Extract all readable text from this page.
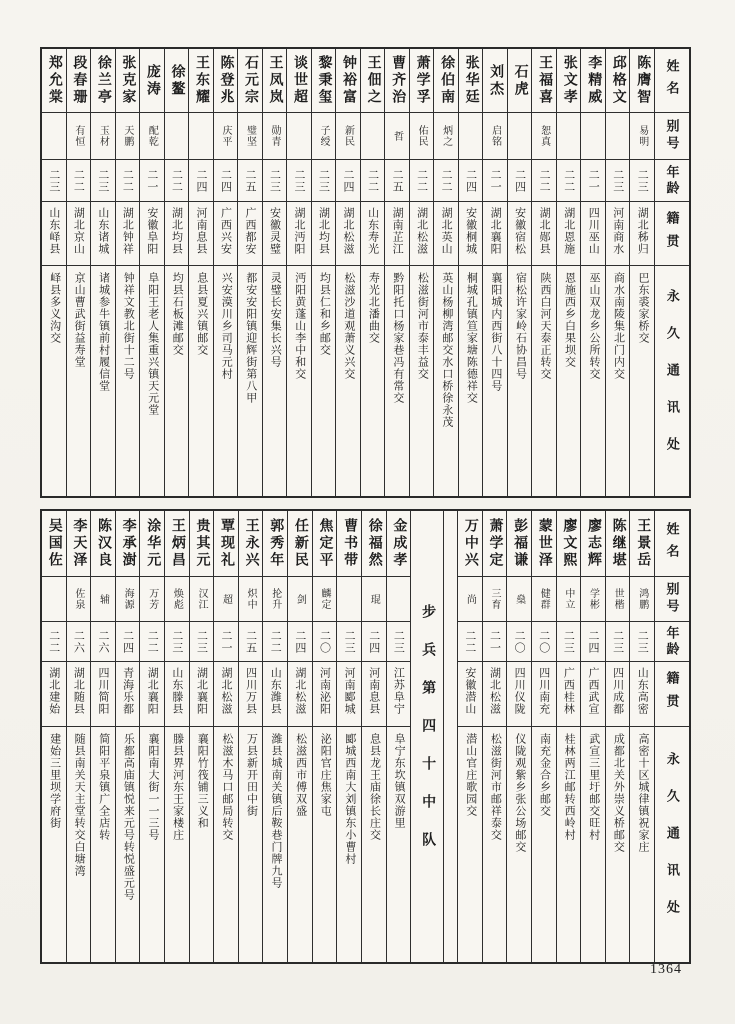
姓名
别号
年龄
籍贯
永久通讯处
陈膺智
易明
二三
湖北秭归
巴东裘家桥交
邱格文
二三
河南商水
商水南陵集北门内交
李精威
二一
四川巫山
巫山双龙乡公所转交
张文孝
二二
湖北恩施
恩施西乡白果坝交
王福喜
恕真
二二
湖北郧县
陕西白河天泰正转交
石虎
二四
安徽宿松
宿松许家岭石协昌号
刘杰
启铭
二一
湖北襄阳
襄阳城内西街八十四号
张华廷
二四
安徽桐城
桐城孔镇笪家塘陈德祥交
徐伯南
炳之
二二
湖北英山
英山杨柳湾邮交水口桥徐永茂
萧学孚
佑民
二二
湖北松滋
松滋街河市泰丰益交
曹齐治
哲
二五
湖南芷江
黔阳托口杨家巷冯有常交
王佃之
二二
山东寿光
寿光北潘曲交
钟裕富
新民
二四
湖北松滋
松滋沙道观萧义兴交
黎秉玺
子绶
二三
湖北均县
均县仁和乡邮交
谈世超
二三
湖北沔阳
沔阳黄蓬山李中和交
王凤岚
勋青
二三
安徽灵璧
灵璧长安集长兴号
石元宗
璧坚
二五
广西都安
都安安阳镇迎辉街第八甲
陈登兆
庆平
二四
广西兴安
兴安漠川乡司马元村
王东耀
二四
河南息县
息县夏兴镇邮交
徐鳌
二二
湖北均县
均县石板滩邮交
庞涛
配乾
二一
安徽阜阳
阜阳王老人集重兴镇天元堂
张克家
天鹏
二二
湖北钟祥
钟祥文教北街十二号
徐兰亭
玉材
二三
山东诸城
诸城参牛镇前村履信堂
段春珊
有恒
二二
湖北京山
京山曹武街益寿堂
郑允棠
二三
山东峄县
峄县多义沟交
姓名
别号
年龄
籍贯
永久通讯处
王景岳
鸿鹏
二三
山东高密
高密十区城律镇祝家庄
陈继堪
世楷
二三
四川成都
成都北关外崇义桥邮交
廖志辉
学彬
二四
广西武宣
武宣三里圩邮交旺村
廖文熙
中立
二三
广西桂林
桂林两江邮转西岭村
蒙世泽
健群
二〇
四川南充
南充金合乡邮交
彭福谦
燊
二〇
四川仪陇
仪陇观紫乡张公场邮交
萧学定
三育
二一
湖北松滋
松滋街河市邮祥泰交
万中兴
尚
二二
安徽潜山
潜山官庄歌园交
步兵第四十中队
金成孝
二三
江苏阜宁
阜宁东坎镇双游里
徐福然
琨
二四
河南息县
息县龙王庙徐长庄交
曹书带
二三
河南郾城
郾城西南大刘镇东小曹村
焦定平
麟定
二〇
河南泌阳
泌阳官庄焦家屯
任新民
剑
二四
湖北松滋
松滋西市傅双盛
郭秀年
抡升
二二
山东潍县
潍县城南关镇后鞍巷门牌九号
王永兴
炽中
二五
四川万县
万县新开田中街
覃现礼
超
二一
湖北松滋
松滋木马口邮局转交
贵其元
汉江
二三
湖北襄阳
襄阳竹筏铺三义和
王炳昌
焕彪
二三
山东滕县
滕县界河东王家楼庄
涂华元
万芳
二二
湖北襄阳
襄阳南大街一一三号
李承澍
海源
二四
青海乐都
乐都高庙镇悦来元号转悦盛元号
陈汉良
辅
二六
四川简阳
简阳平泉镇广全店转
李天泽
佐泉
二六
湖北随县
随县南关天主堂转交白塘湾
吴国佐
二二
湖北建始
建始三里坝学府街
1364
